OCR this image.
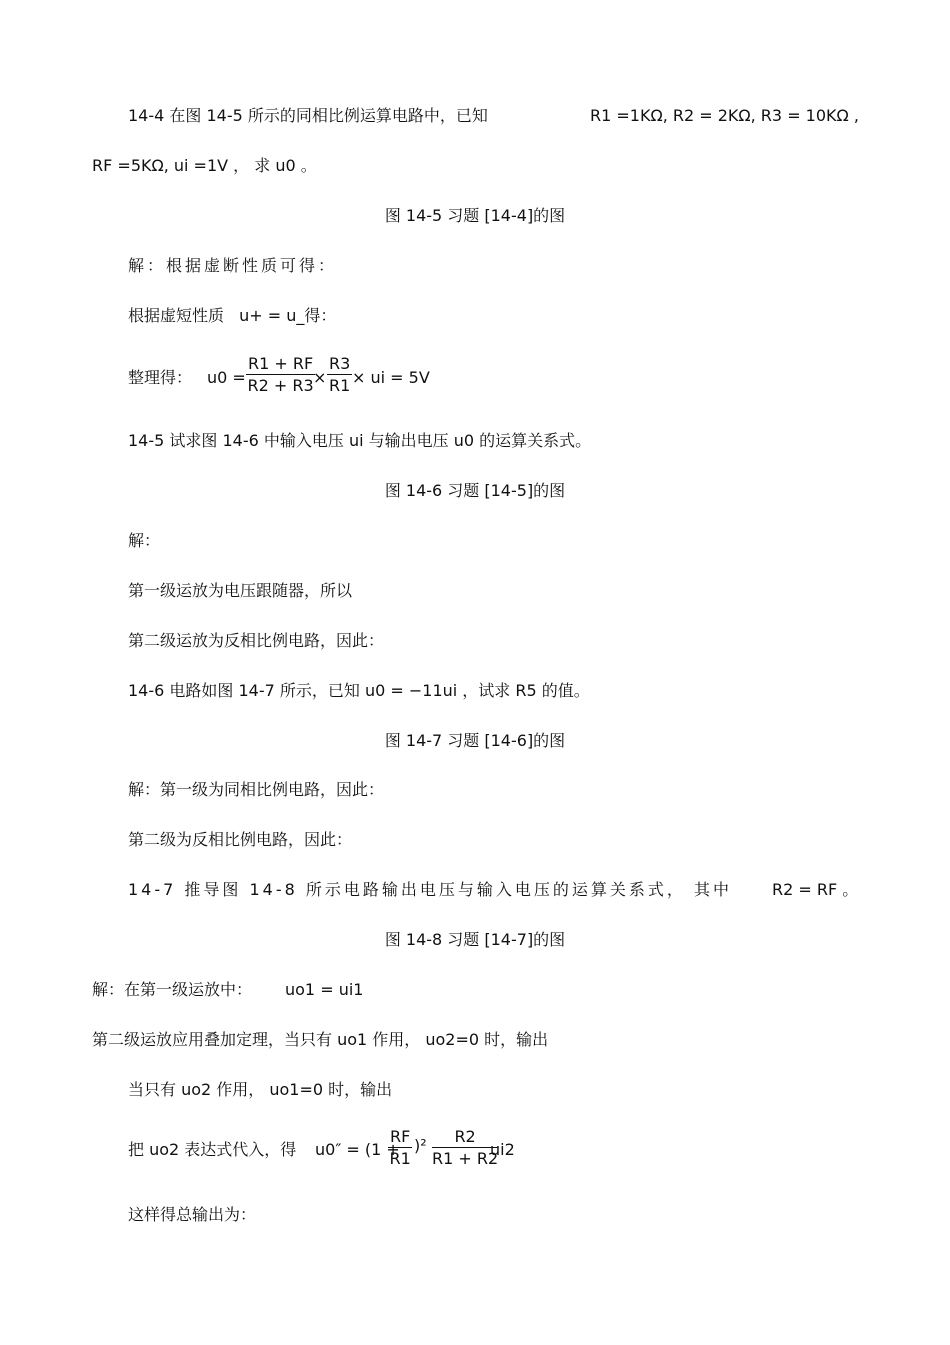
14-4 在图 14-5 所示的同相比例运算电路中，已知	R1 =1KΩ, R2 = 2KΩ, R3 = 10KΩ ,
RF =5KΩ, ui =1V ， 求 u0 。
图 14-5 习题 [14-4]的图
解：根据虚断性质可得：
根据虚短性质 u+ = u_得：
整理得： $u0 = \frac{R1 + RF}{R2 + R3}$
× $\frac{R3}{R1}$ × ui = 5V
14-5 试求图 14-6 中输入电压 ui 与输出电压 u0 的运算关系式。
图 14-6 习题 [14-5]的图
解：
第一级运放为电压跟随器，所以
第二级运放为反相比例电路，因此：
14-6 电路如图 14-7 所示，已知 u0 = −11ui ，试求 R5 的值。
图 14-7 习题 [14-6]的图
解：第一级为同相比例电路，因此：
第二级为反相比例电路，因此：
14-7 推导图 14-8 所示电路输出电压与输入电压的运算关系式， 其中	R2 = RF 。
图 14-8 习题 [14-7]的图
解：在第一级运放中： uo1 = ui1
第二级运放应用叠加定理，当只有 uo1 作用， uo2=0 时，输出
当只有 uo2 作用， uo1=0 时，输出
把 uo2 表达式代入，得 u0″ = (1 +
$\frac{RF}{R1} )^2 \frac{R2}{R1 + R2}$
ui2
这样得总输出为：
